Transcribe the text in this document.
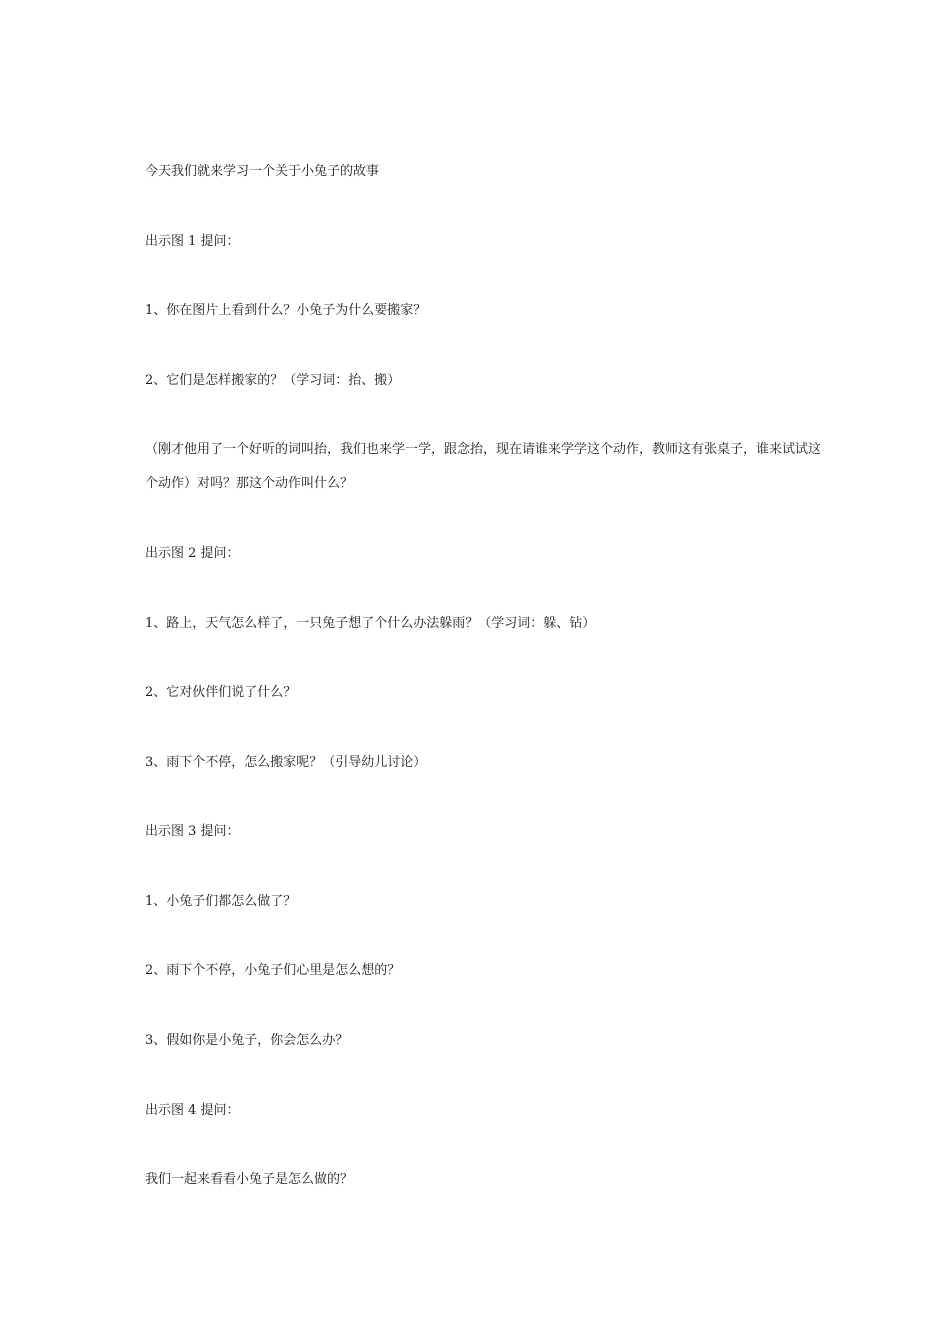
今天我们就来学习一个关于小兔子的故事
出示图 1 提问：
1、你在图片上看到什么？小兔子为什么要搬家？
2、它们是怎样搬家的？（学习词：抬、搬）
（刚才他用了一个好听的词叫抬，我们也来学一学，跟念抬，现在请谁来学学这个动作，教师这有张桌子，谁来试试这个动作）对吗？那这个动作叫什么？
出示图 2 提问：
1、路上，天气怎么样了，一只兔子想了个什么办法躲雨？（学习词：躲、钻）
2、它对伙伴们说了什么？
3、雨下个不停，怎么搬家呢？（引导幼儿讨论）
出示图 3 提问：
1、小兔子们都怎么做了？
2、雨下个不停，小兔子们心里是怎么想的？
3、假如你是小兔子，你会怎么办？
出示图 4 提问：
我们一起来看看小兔子是怎么做的？
